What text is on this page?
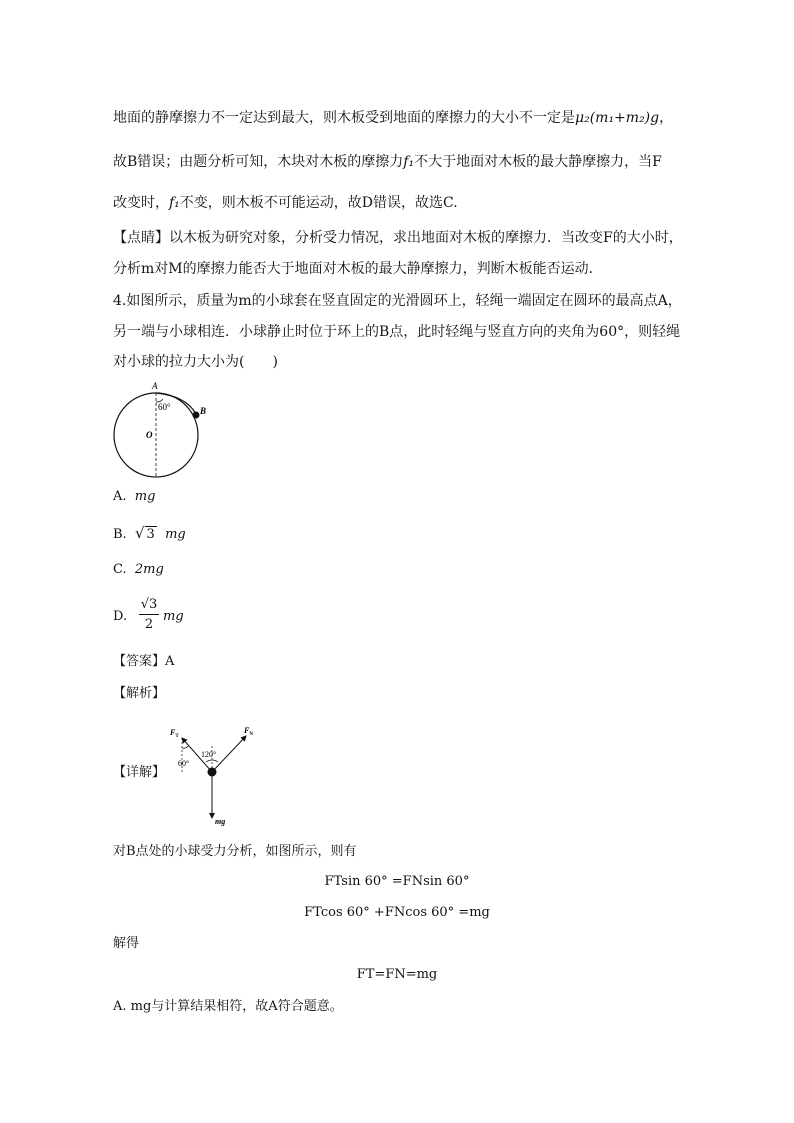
地面的静摩擦力不一定达到最大，则木板受到地面的摩擦力的大小不一定是μ₂(m₁+m₂)g，
故B错误；由题分析可知，木块对木板的摩擦力f₁不大于地面对木板的最大静摩擦力，当F
改变时，f₁不变，则木板不可能运动，故D错误，故选C.
【点睛】以木板为研究对象，分析受力情况，求出地面对木板的摩擦力．当改变F的大小时，
分析m对M的摩擦力能否大于地面对木板的最大静摩擦力，判断木板能否运动．
4.如图所示，质量为m的小球套在竖直固定的光滑圆环上，轻绳一端固定在圆环的最高点A，
另一端与小球相连．小球静止时位于环上的B点，此时轻绳与竖直方向的夹角为60°，则轻绳
对小球的拉力大小为(　　)
A
B
O
60°
A. mg
B. √ 3 mg
C. 2mg
D. $\frac{√3}{2}$ mg
【答案】A
【解析】
【详解】
$F_T$
$F_N$
mg
120°
60°
对B点处的小球受力分析，如图所示，则有
FTsin 60° =FNsin 60°
FTcos 60° +FNcos 60° =mg
解得
FT=FN=mg
A. mg与计算结果相符，故A符合题意。
